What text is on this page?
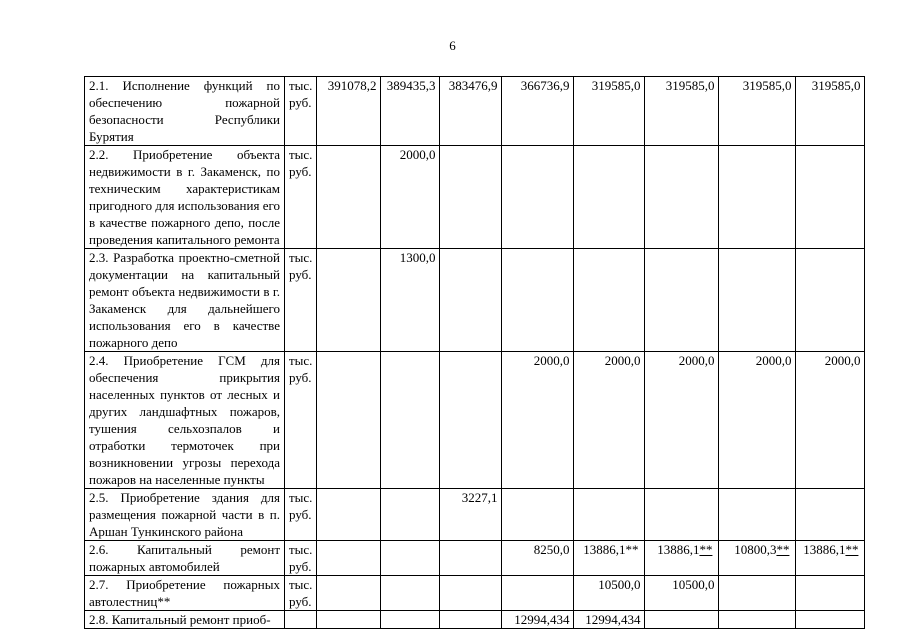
6
2.1. Исполнение функций по обеспечению пожарной безопасности Республики Бурятия	тыс. руб.	391078,2	389435,3	383476,9	366736,9	319585,0	319585,0	319585,0	319585,0
2.2. Приобретение объекта недвижимости в г. Закаменск, по техническим характеристикам пригодного для использования его в качестве пожарного депо, после проведения капитального ремонта	тыс. руб.		2000,0						
2.3. Разработка проектно-сметной документации на капитальный ремонт объекта недвижимости в г. Закаменск для дальнейшего использования его в качестве пожарного депо	тыс. руб.		1300,0						
2.4. Приобретение ГСМ для обеспечения прикрытия населенных пунктов от лесных и других ландшафтных пожаров, тушения сельхозпалов и отработки термоточек при возникновении угрозы перехода пожаров на населенные пункты	тыс. руб.				2000,0	2000,0	2000,0	2000,0	2000,0
2.5. Приобретение здания для размещения пожарной части в п. Аршан Тункинского района	тыс. руб.			3227,1					
2.6. Капитальный ремонт пожарных автомобилей	тыс. руб.				8250,0	13886,1**	13886,1**	10800,3**	13886,1**
2.7. Приобретение пожарных автолестниц**	тыс. руб.					10500,0	10500,0		
2.8. Капитальный ремонт приоб-					12994,434	12994,434			
